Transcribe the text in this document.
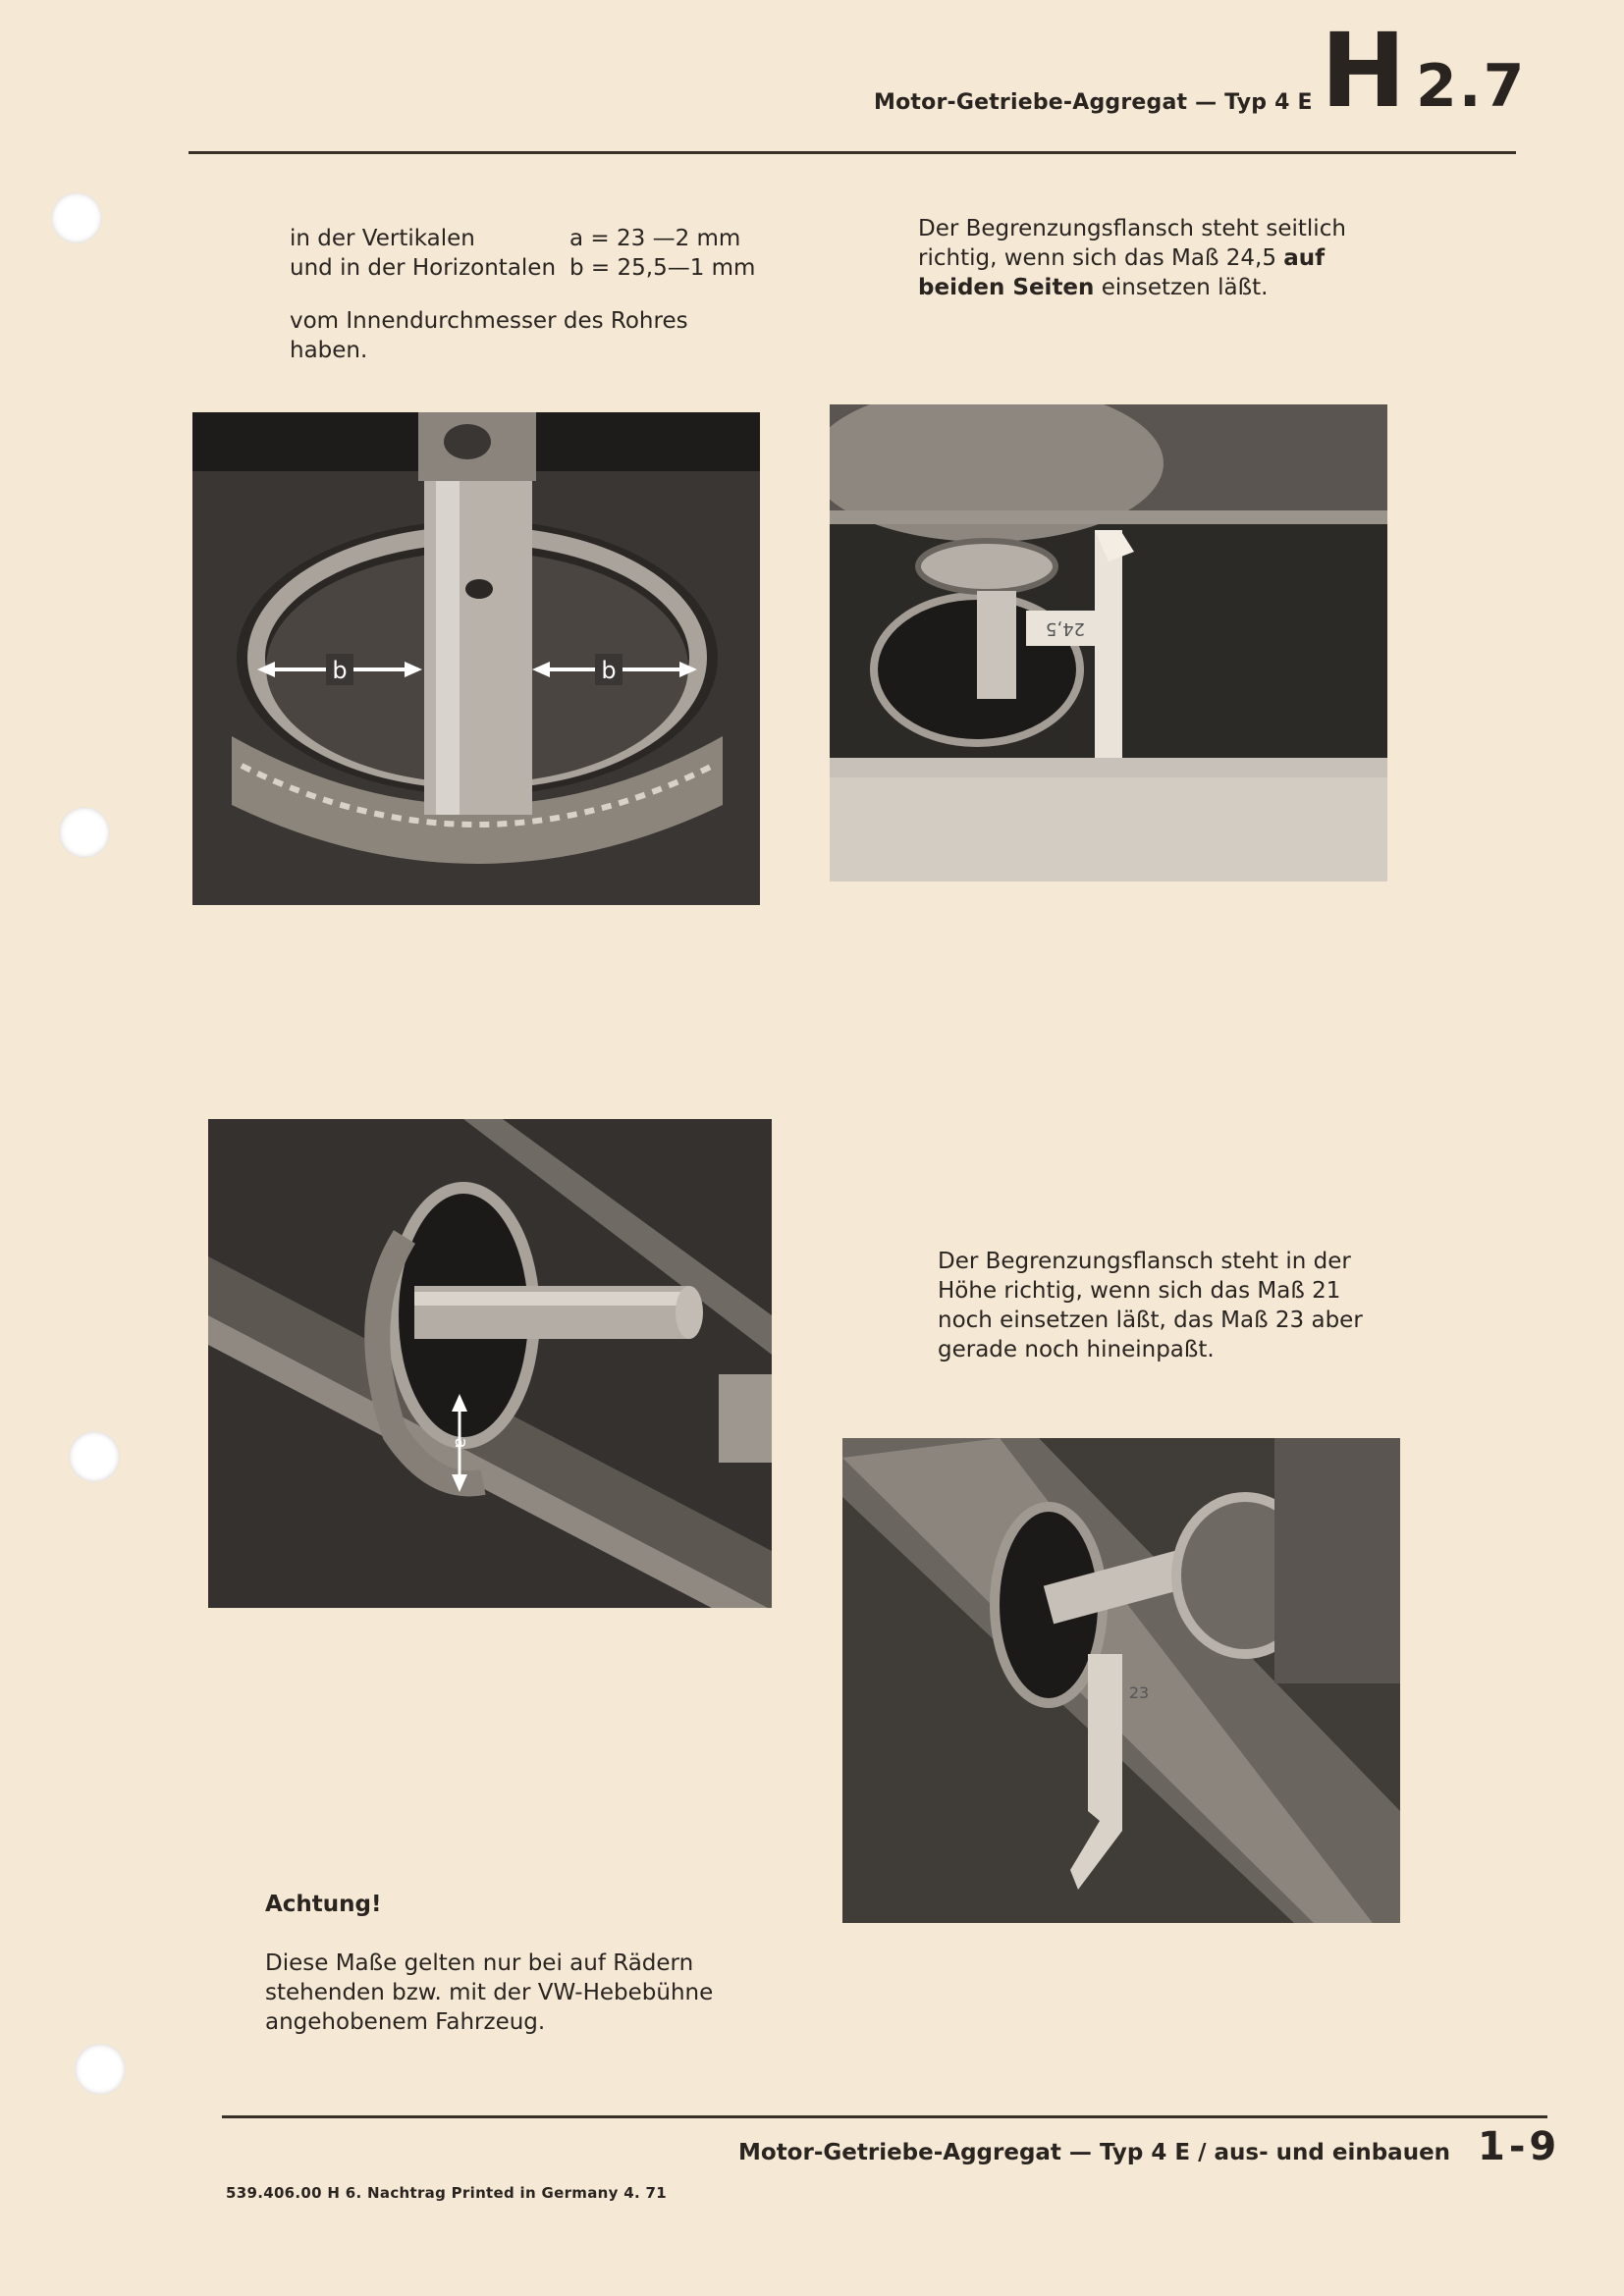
Motor-Getriebe-Aggregat — Typ 4 E H 2.7
in der Vertikalen	a = 23 —2 mm
und in der Horizontalen	b = 25,5—1 mm
vom Innendurchmesser des Rohres haben.
Der Begrenzungsflansch steht seitlich richtig, wenn sich das Maß 24,5 auf beiden Seiten einsetzen läßt.
b	b
24,5
a
Der Begrenzungsflansch steht in der Höhe richtig, wenn sich das Maß 21 noch einsetzen läßt, das Maß 23 aber gerade noch hineinpaßt.
23
Achtung!
Diese Maße gelten nur bei auf Rädern stehenden bzw. mit der VW-Hebebühne angehobenem Fahrzeug.
Motor-Getriebe-Aggregat — Typ 4 E / aus- und einbauen 1-9
539.406.00 H 6. Nachtrag Printed in Germany 4. 71
